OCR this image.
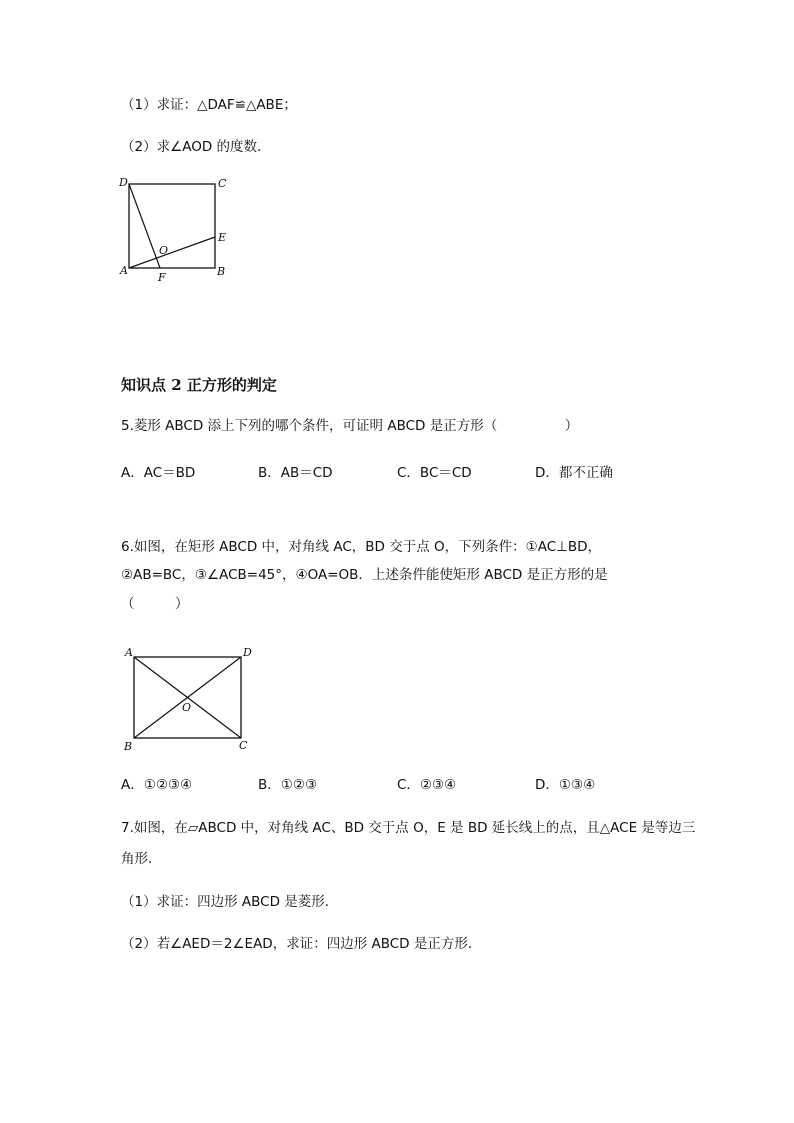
（1）求证：△DAF≌△ABE；
（2）求∠AOD 的度数．
D	C
E
O
A
F	B
知识点 2 正方形的判定
5.菱形 ABCD 添上下列的哪个条件，可证明 ABCD 是正方形（　　　　　）
A．AC＝BD	B．AB＝CD	C．BC＝CD	D．都不正确
6.如图，在矩形 ABCD 中，对角线 AC，BD 交于点 O，下列条件：①AC⊥BD，
②AB=BC，③∠ACB=45°，④OA=OB．上述条件能使矩形 ABCD 是正方形的是
（　　　）
A	D
O
B	C
A．①②③④	B．①②③	C．②③④	D．①③④
7.如图，在▱ABCD 中，对角线 AC、BD 交于点 O，E 是 BD 延长线上的点，且△ACE 是等边三
角形．
（1）求证：四边形 ABCD 是菱形．
（2）若∠AED＝2∠EAD，求证：四边形 ABCD 是正方形．
